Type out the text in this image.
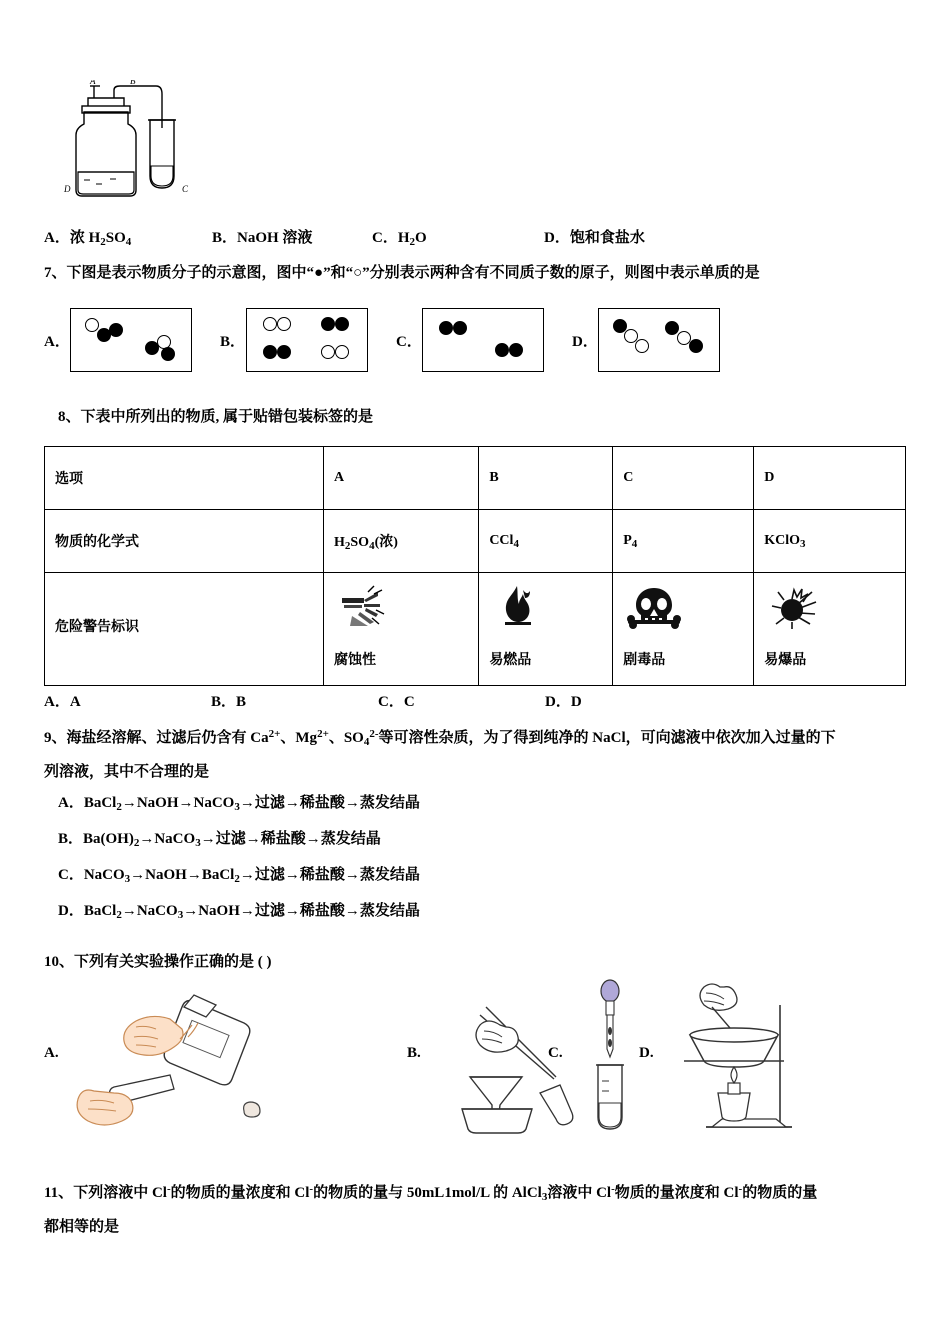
A	B
D	C
A．浓 $H_2SO_4$	B．NaOH 溶液	C．$H_2O$	D．饱和食盐水
7、下图是表示物质分子的示意图，图中“●”和“○”分别表示两种含有不同质子数的原子，则图中表示单质的是
A．	B．	C．	D．
8、下表中所列出的物质, 属于贴错包装标签的是
选项	A	B	C	D
物质的化学式	$H_2SO_4$(浓)	CCl$_4$	$P_4$	KClO$_3$

危险警告标识	腐蚀性	易燃品	剧毒品	易爆品
A．A	B．B	C．C	D．D
9、海盐经溶解、过滤后仍含有 $Ca^{2+}$、$Mg^{2+}$、$SO_4^{2-}$等可溶性杂质，为了得到纯净的 NaCl，可向滤液中依次加入过量的下
列溶液，其中不合理的是
A．BaCl$_2$→NaOH→NaCO$_3$→过滤→稀盐酸→蒸发结晶
B．$Ba(OH)_2\to NaCO_3\to$过滤→稀盐酸→蒸发结晶
C．NaCO$_3$→NaOH→BaCl$_2$→过滤→稀盐酸→蒸发结晶
D．BaCl$_2$→NaCO$_3$→NaOH→过滤→稀盐酸→蒸发结晶
10、下列有关实验操作正确的是 ( )
A.	B.	C.	D.
11、下列溶液中 Cl-的物质的量浓度和 Cl-的物质的量与 50mL1mol/L 的 AlCl$_3$溶液中 Cl-物质的量浓度和 Cl-的物质的量
都相等的是
